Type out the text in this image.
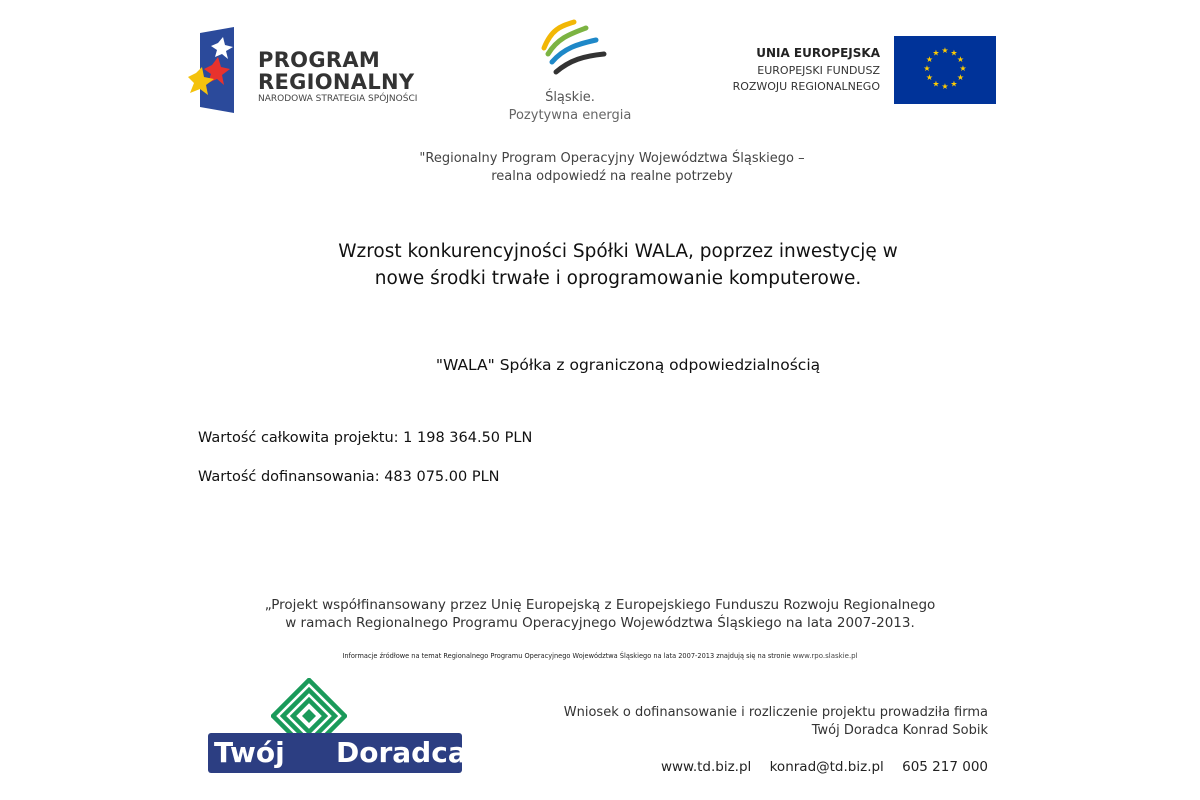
PROGRAM
REGIONALNY
NARODOWA STRATEGIA SPÓJNOŚCI	Śląskie.
Pozytywna energia
UNIA EUROPEJSKA
EUROPEJSKI FUNDUSZ
ROZWOJU REGIONALNEGO
★ ★
★
★
★
★
★
★
★
★
★
★
"Regionalny Program Operacyjny Województwa Śląskiego –
realna odpowiedź na realne potrzeby
Wzrost konkurencyjności Spółki WALA, poprzez inwestycję w
nowe środki trwałe i oprogramowanie komputerowe.
"WALA" Spółka z ograniczoną odpowiedzialnością
Wartość całkowita projektu: 1 198 364.50 PLN
Wartość dofinansowania: 483 075.00 PLN
„Projekt współfinansowany przez Unię Europejską z Europejskiego Funduszu Rozwoju Regionalnego
w ramach Regionalnego Programu Operacyjnego Województwa Śląskiego na lata 2007-2013.
Informacje źródłowe na temat Regionalnego Programu Operacyjnego Województwa Śląskiego na lata 2007-2013 znajdują się na stronie www.rpo.slaskie.pl
Twój Doradca
Wniosek o dofinansowanie i rozliczenie projektu prowadziła firma
Twój Doradca Konrad Sobik
www.td.biz.pl konrad@td.biz.pl 605 217 000
